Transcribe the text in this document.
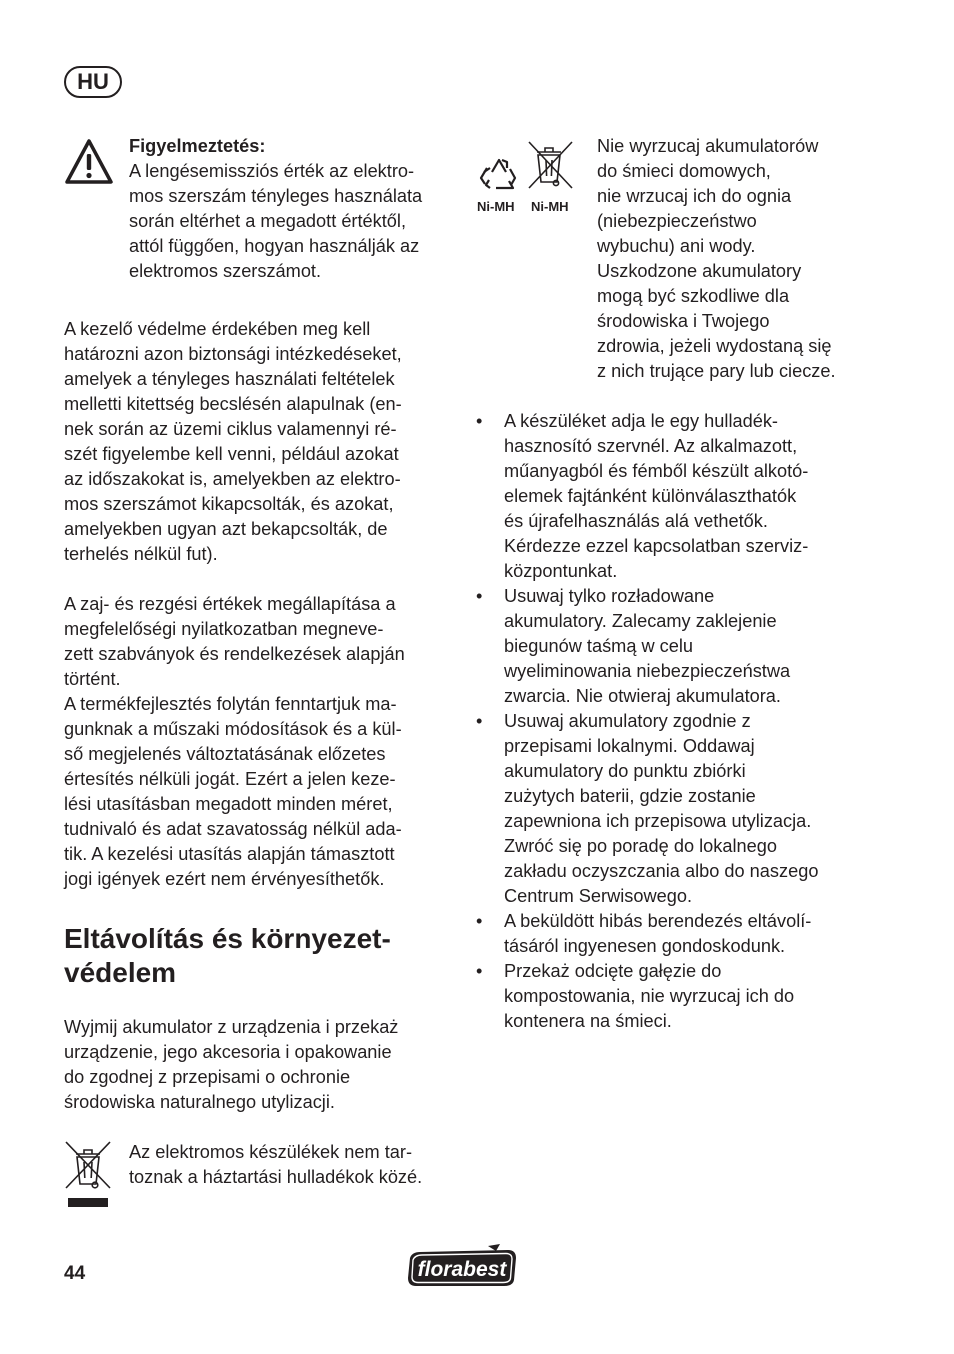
HU

Figyelmeztetés:

A lengésemissziós érték az elektro-
mos szerszám tényleges használata
során eltérhet a megadott értéktől,
attól függően, hogyan használják az
elektromos szerszámot.

A kezelő védelme érdekében meg kell
határozni azon biztonsági intézkedéseket,
amelyek a tényleges használati feltételek
melletti kitettség becslésén alapulnak (en-
nek során az üzemi ciklus valamennyi ré-
szét figyelembe kell venni, például azokat
az időszakokat is, amelyekben az elektro-
mos szerszámot kikapcsolták, és azokat,
amelyekben ugyan azt bekapcsolták, de
terhelés nélkül fut).

A zaj- és rezgési értékek megállapítása a
megfelelőségi nyilatkozatban megneve-
zett szabványok és rendelkezések alapján
történt.

A termékfejlesztés folytán fenntartjuk ma-
gunknak a műszaki módosítások és a kül-
ső megjelenés változtatásának előzetes
értesítés nélküli jogát. Ezért a jelen keze-
lési utasításban megadott minden méret,
tudnivaló és adat szavatosság nélkül ada-
tik. A kezelési utasítás alapján támasztott
jogi igények ezért nem érvényesíthetők.

Eltávolítás és környezet-
védelem

Wyjmij akumulator z urządzenia i przekaż
urządzenie, jego akcesoria i opakowanie
do zgodnej z przepisami o ochronie
środowiska naturalnego utylizacji.

Az elektromos készülékek nem tar-
toznak a háztartási hulladékok közé.

Ni-MH Ni-MH

Nie wyrzucaj akumulatorów
do śmieci domowych,
nie wrzucaj ich do ognia
(niebezpieczeństwo
wybuchu) ani wody.
Uszkodzone akumulatory
mogą być szkodliwe dla
środowiska i Twojego
zdrowia, jeżeli wydostaną się
z nich trujące pary lub ciecze.

• A készüléket adja le egy hulladék-
hasznosító szervnél. Az alkalmazott,
műanyagból és fémből készült alkotó-
elemek fajtánként különválaszthatók
és újrafelhasználás alá vethetők.
Kérdezze ezzel kapcsolatban szerviz-
központunkat.
• Usuwaj tylko rozładowane
akumulatory. Zalecamy zaklejenie
biegunów taśmą w celu
wyeliminowania niebezpieczeństwa
zwarcia. Nie otwieraj akumulatora.
• Usuwaj akumulatory zgodnie z
przepisami lokalnymi. Oddawaj
akumulatory do punktu zbiórki
zużytych baterii, gdzie zostanie
zapewniona ich przepisowa utylizacja.
Zwróć się po poradę do lokalnego
zakładu oczyszczania albo do naszego
Centrum Serwisowego.
• A beküldött hibás berendezés eltávolí-
tásáról ingyenesen gondoskodunk.
• Przekaż odcięte gałęzie do
kompostowania, nie wyrzucaj ich do
kontenera na śmieci.
44	florabest
